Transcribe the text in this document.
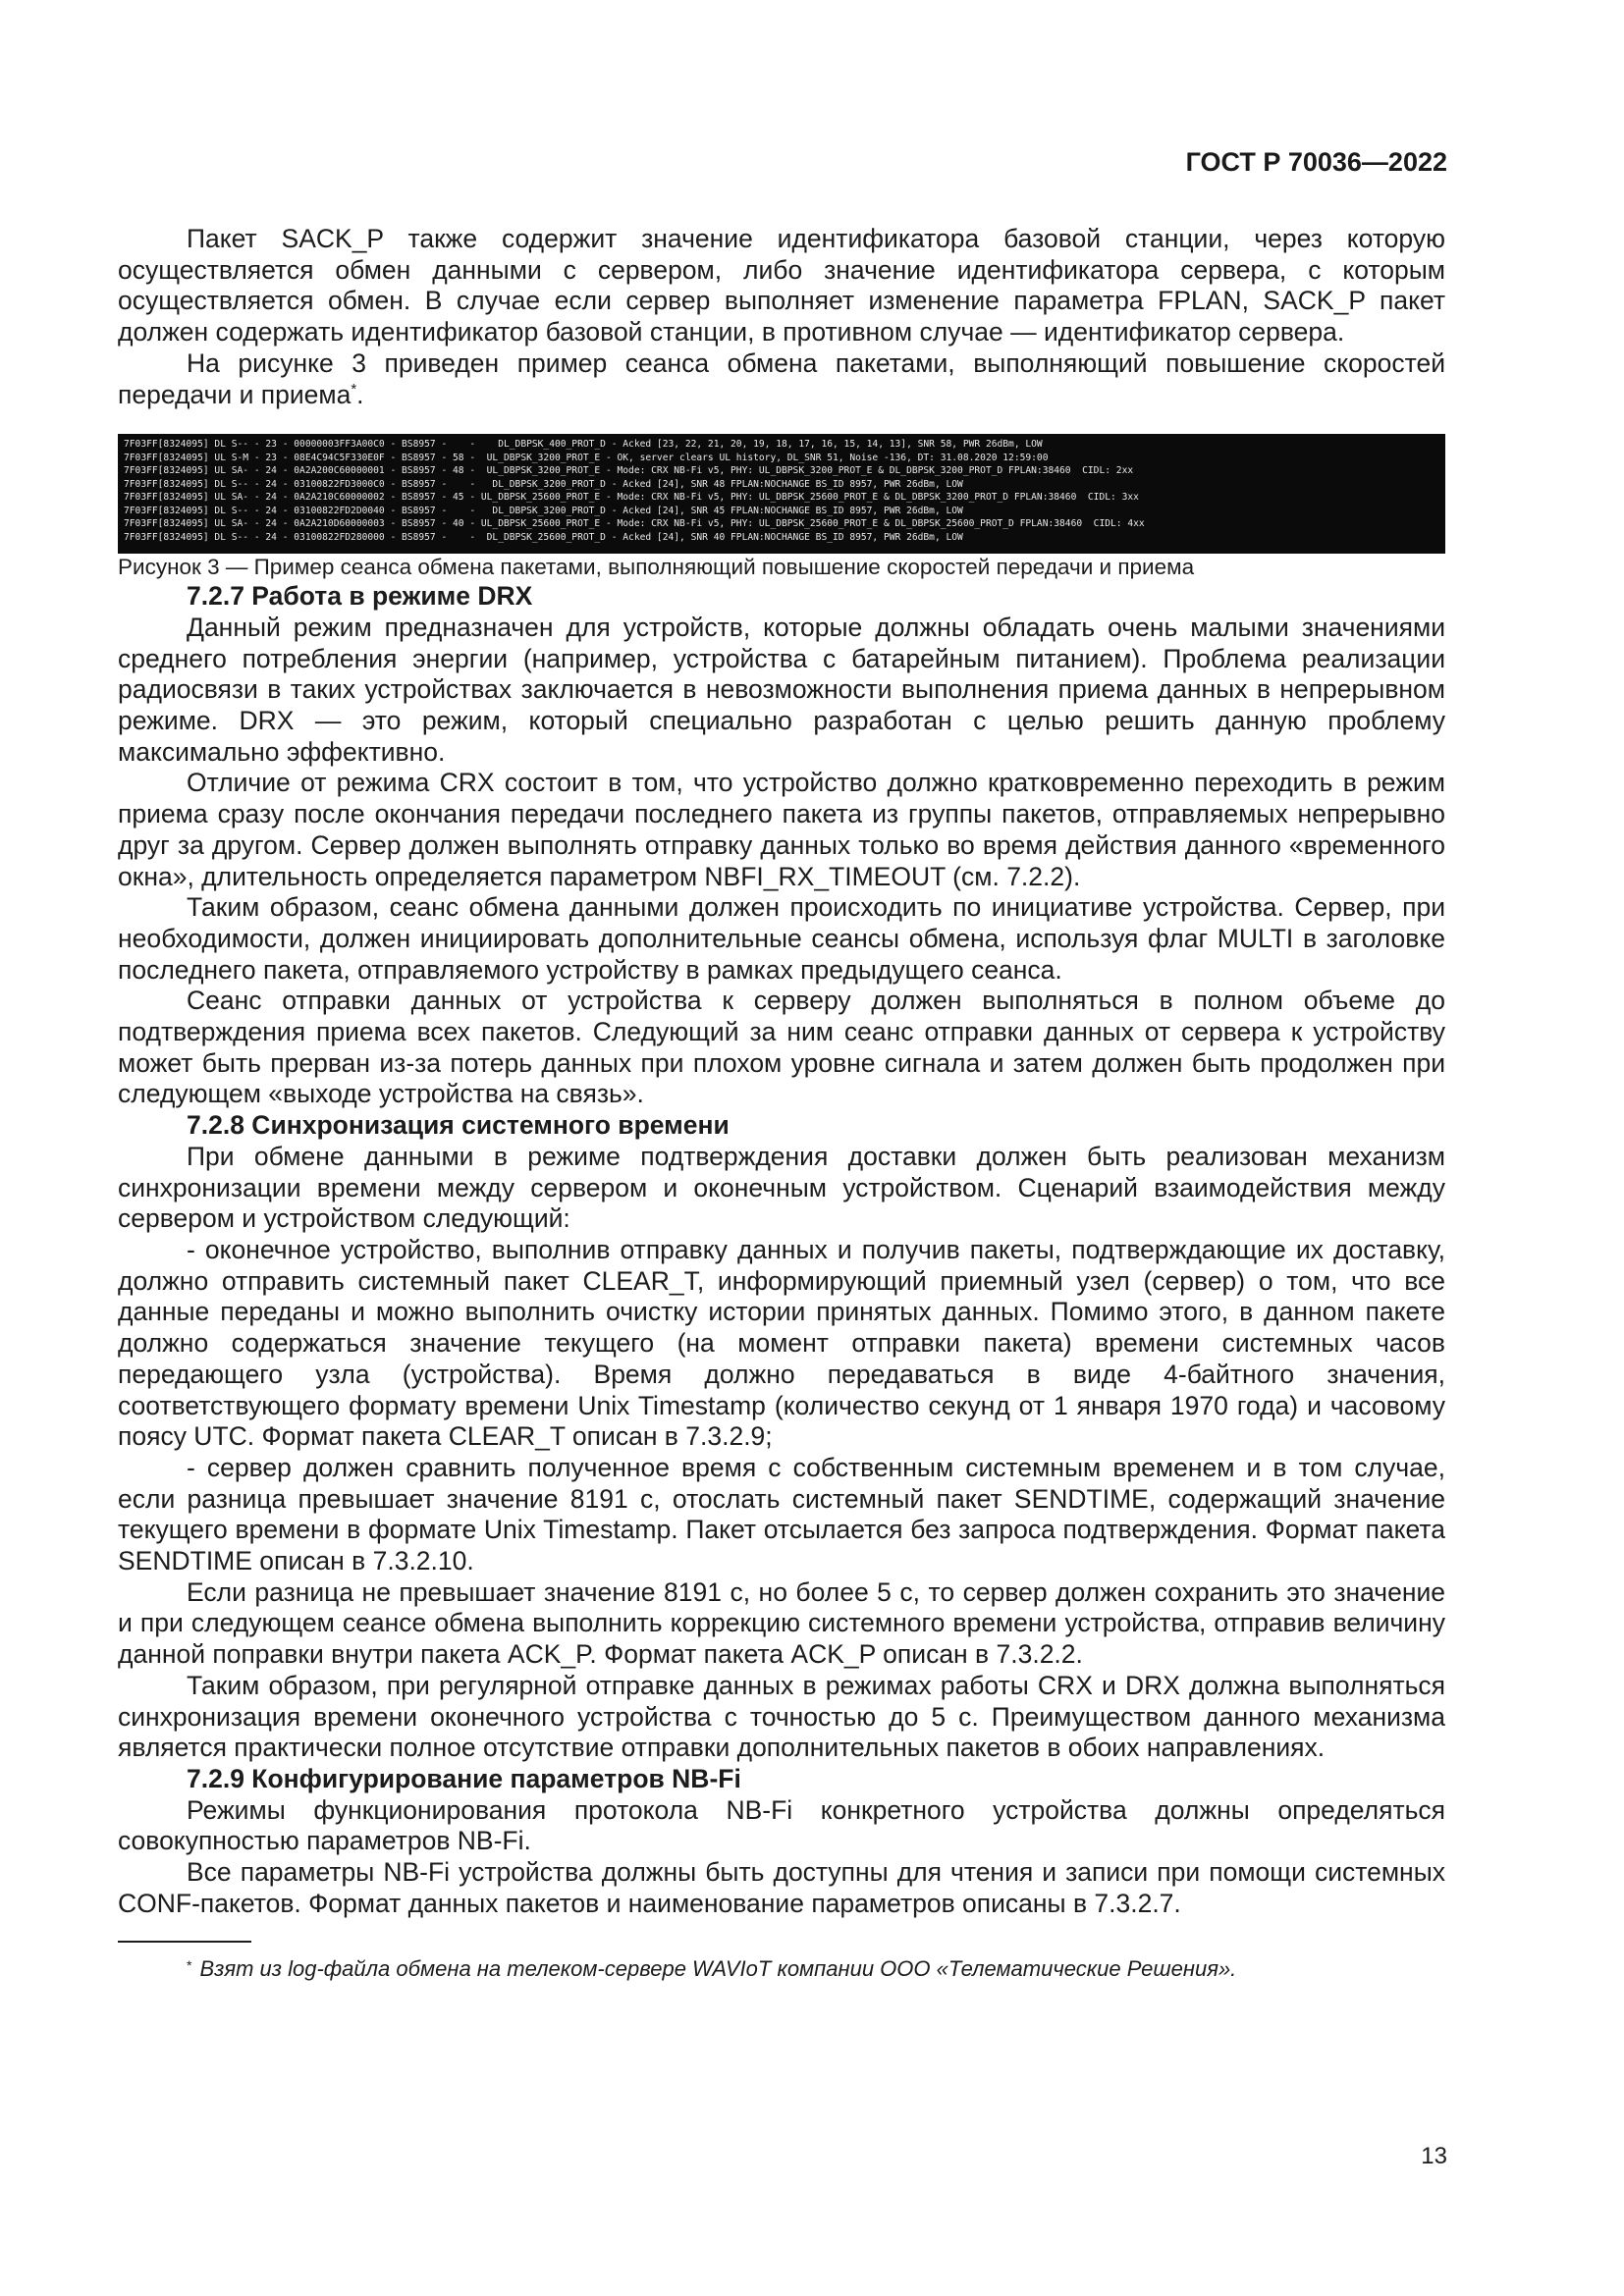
ГОСТ Р 70036—2022

Пакет SACK_P также содержит значение идентификатора базовой станции, через которую осуществляется обмен данными с сервером, либо значение идентификатора сервера, с которым осуществляется обмен. В случае если сервер выполняет изменение параметра FPLAN, SACK_P пакет должен содержать идентификатор базовой станции, в противном случае — идентификатор сервера.

На рисунке 3 приведен пример сеанса обмена пакетами, выполняющий повышение скоростей передачи и приема*.

7F03FF[8324095] DL S-- - 23 - 00000003FF3A00C0 - BS8957 -    -    DL_DBPSK_400_PROT_D - Acked [23, 22, 21, 20, 19, 18, 17, 16, 15, 14, 13], SNR 58, PWR 26dBm, LOW
7F03FF[8324095] UL S-M - 23 - 08E4C94C5F330E0F - BS8957 - 58 -  UL_DBPSK_3200_PROT_E - OK, server clears UL history, DL_SNR 51, Noise -136, DT: 31.08.2020 12:59:00
7F03FF[8324095] UL SA- - 24 - 0A2A200C60000001 - BS8957 - 48 -  UL_DBPSK_3200_PROT_E - Mode: CRX NB-Fi v5, PHY: UL_DBPSK_3200_PROT_E & DL_DBPSK_3200_PROT_D FPLAN:38460  CIDL: 2xx
7F03FF[8324095] DL S-- - 24 - 03100822FD3000C0 - BS8957 -    -   DL_DBPSK_3200_PROT_D - Acked [24], SNR 48 FPLAN:NOCHANGE BS_ID 8957, PWR 26dBm, LOW
7F03FF[8324095] UL SA- - 24 - 0A2A210C60000002 - BS8957 - 45 - UL_DBPSK_25600_PROT_E - Mode: CRX NB-Fi v5, PHY: UL_DBPSK_25600_PROT_E & DL_DBPSK_3200_PROT_D FPLAN:38460  CIDL: 3xx
7F03FF[8324095] DL S-- - 24 - 03100822FD2D0040 - BS8957 -    -   DL_DBPSK_3200_PROT_D - Acked [24], SNR 45 FPLAN:NOCHANGE BS_ID 8957, PWR 26dBm, LOW
7F03FF[8324095] UL SA- - 24 - 0A2A210D60000003 - BS8957 - 40 - UL_DBPSK_25600_PROT_E - Mode: CRX NB-Fi v5, PHY: UL_DBPSK_25600_PROT_E & DL_DBPSK_25600_PROT_D FPLAN:38460  CIDL: 4xx
7F03FF[8324095] DL S-- - 24 - 03100822FD280000 - BS8957 -    -  DL_DBPSK_25600_PROT_D - Acked [24], SNR 40 FPLAN:NOCHANGE BS_ID 8957, PWR 26dBm, LOW

Рисунок 3 — Пример сеанса обмена пакетами, выполняющий повышение скоростей передачи и приема

7.2.7 Работа в режиме DRX

Данный режим предназначен для устройств, которые должны обладать очень малыми значениями среднего потребления энергии (например, устройства с батарейным питанием). Проблема реализации радиосвязи в таких устройствах заключается в невозможности выполнения приема данных в непрерывном режиме. DRX — это режим, который специально разработан с целью решить данную проблему максимально эффективно.

Отличие от режима CRX состоит в том, что устройство должно кратковременно переходить в режим приема сразу после окончания передачи последнего пакета из группы пакетов, отправляемых непрерывно друг за другом. Сервер должен выполнять отправку данных только во время действия данного «временного окна», длительность определяется параметром NBFI_RX_TIMEOUT (см. 7.2.2).

Таким образом, сеанс обмена данными должен происходить по инициативе устройства. Сервер, при необходимости, должен инициировать дополнительные сеансы обмена, используя флаг MULTI в заголовке последнего пакета, отправляемого устройству в рамках предыдущего сеанса.

Сеанс отправки данных от устройства к серверу должен выполняться в полном объеме до подтверждения приема всех пакетов. Следующий за ним сеанс отправки данных от сервера к устройству может быть прерван из-за потерь данных при плохом уровне сигнала и затем должен быть продолжен при следующем «выходе устройства на связь».

7.2.8 Синхронизация системного времени

При обмене данными в режиме подтверждения доставки должен быть реализован механизм синхронизации времени между сервером и оконечным устройством. Сценарий взаимодействия между сервером и устройством следующий:

- оконечное устройство, выполнив отправку данных и получив пакеты, подтверждающие их доставку, должно отправить системный пакет CLEAR_T, информирующий приемный узел (сервер) о том, что все данные переданы и можно выполнить очистку истории принятых данных. Помимо этого, в данном пакете должно содержаться значение текущего (на момент отправки пакета) времени системных часов передающего узла (устройства). Время должно передаваться в виде 4-байтного значения, соответствующего формату времени Unix Timestamp (количество секунд от 1 января 1970 года) и часовому поясу UTC. Формат пакета CLEAR_T описан в 7.3.2.9;

- сервер должен сравнить полученное время с собственным системным временем и в том случае, если разница превышает значение 8191 с, отослать системный пакет SENDTIME, содержащий значение текущего времени в формате Unix Timestamp. Пакет отсылается без запроса подтверждения. Формат пакета SENDTIME описан в 7.3.2.10.

Если разница не превышает значение 8191 с, но более 5 с, то сервер должен сохранить это значение и при следующем сеансе обмена выполнить коррекцию системного времени устройства, отправив величину данной поправки внутри пакета ACK_P. Формат пакета ACK_P описан в 7.3.2.2.

Таким образом, при регулярной отправке данных в режимах работы CRX и DRX должна выполняться синхронизация времени оконечного устройства с точностью до 5 с. Преимуществом данного механизма является практически полное отсутствие отправки дополнительных пакетов в обоих направлениях.

7.2.9 Конфигурирование параметров NB-Fi

Режимы функционирования протокола NB-Fi конкретного устройства должны определяться совокупностью параметров NB-Fi.

Все параметры NB-Fi устройства должны быть доступны для чтения и записи при помощи системных CONF-пакетов. Формат данных пакетов и наименование параметров описаны в 7.3.2.7.

* Взят из log-файла обмена на телеком-сервере WAVIoT компании ООО «Телематические Решения».
13
